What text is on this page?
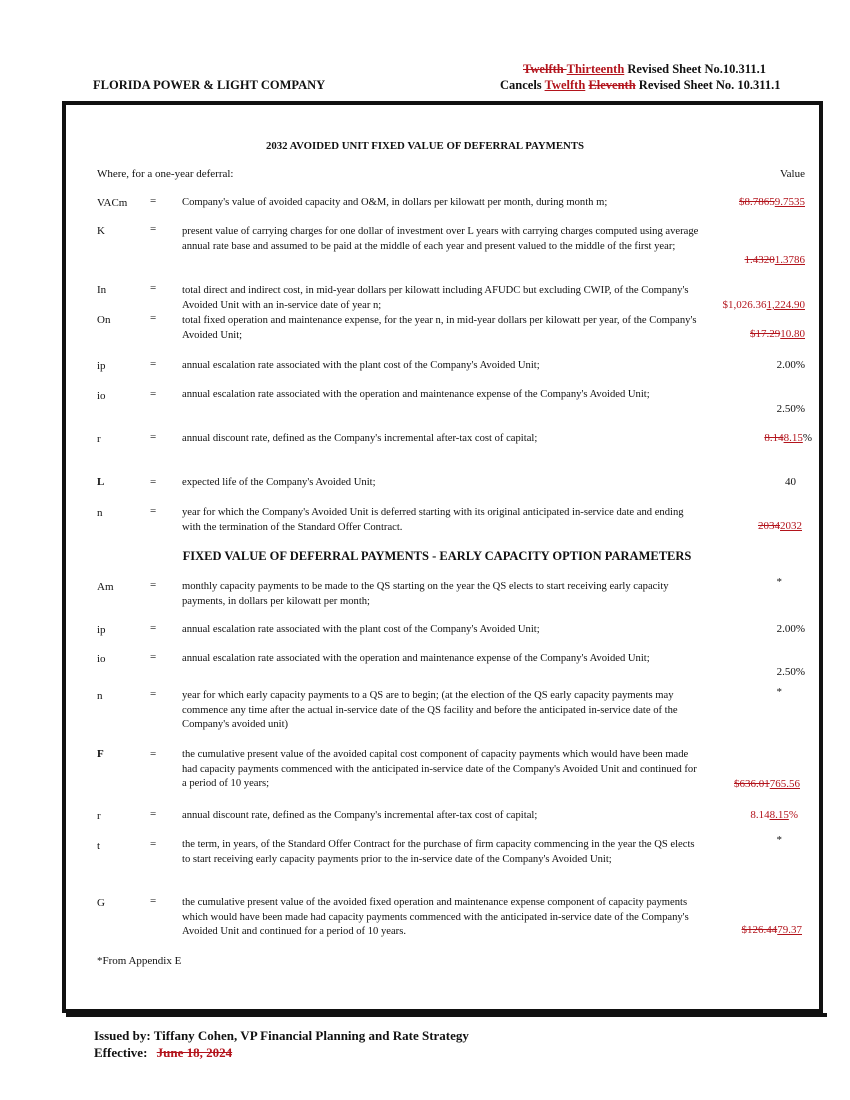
Twelfth Thirteenth Revised Sheet No.10.311.1
FLORIDA POWER & LIGHT COMPANY	Cancels Twelfth Eleventh Revised Sheet No. 10.311.1
2032 AVOIDED UNIT FIXED VALUE OF DEFERRAL PAYMENTS
Where, for a one-year deferral:	Value
VACm = Company's value of avoided capacity and O&M, in dollars per kilowatt per month, during month m;	$8.78659.7535
K	= present value of carrying charges for one dollar of investment over L years with carrying charges computed using average annual rate base and assumed to be paid at the middle of each year and present valued to the middle of the first year;
1.43201.3786
In	= total direct and indirect cost, in mid-year dollars per kilowatt including AFUDC but excluding CWIP, of the Company's Avoided Unit with an in-service date of year n;	$1,026.361,224.90
On	= total fixed operation and maintenance expense, for the year n, in mid-year dollars per kilowatt per year, of the Company's Avoided Unit;	$17.2910.80
ip	= annual escalation rate associated with the plant cost of the Company's Avoided Unit;	2.00%
io	= annual escalation rate associated with the operation and maintenance expense of the Company's Avoided Unit;
2.50%
r	= annual discount rate, defined as the Company's incremental after-tax cost of capital;	8.148.15%
L	= expected life of the Company's Avoided Unit;	40
n	= year for which the Company's Avoided Unit is deferred starting with its original anticipated in-service date and ending with the termination of the Standard Offer Contract.	20342032
FIXED VALUE OF DEFERRAL PAYMENTS - EARLY CAPACITY OPTION PARAMETERS
Am	= monthly capacity payments to be made to the QS starting on the year the QS elects to start receiving early capacity payments, in dollars per kilowatt per month;
*
ip	= annual escalation rate associated with the plant cost of the Company's Avoided Unit;	2.00%
io	= annual escalation rate associated with the operation and maintenance expense of the Company's Avoided Unit;
2.50%
n	= year for which early capacity payments to a QS are to begin; (at the election of the QS early capacity payments may commence any time after the actual in-service date of the QS facility and before the anticipated in-service date of the Company's avoided unit)
*
F	= the cumulative present value of the avoided capital cost component of capacity payments which would have been made had capacity payments commenced with the anticipated in-service date of the Company's Avoided Unit and continued for a period of 10 years;	$636.01765.56
r	= annual discount rate, defined as the Company's incremental after-tax cost of capital;	8.148.15%
t	= the term, in years, of the Standard Offer Contract for the purchase of firm capacity commencing in the year the QS elects to start receiving early capacity payments prior to the in-service date of the Company's Avoided Unit;
*
G	= the cumulative present value of the avoided fixed operation and maintenance expense component of capacity payments which would have been made had capacity payments commenced with the anticipated in-service date of the Company's Avoided Unit and continued for a period of 10 years.	$126.4479.37
*From Appendix E
Issued by: Tiffany Cohen, VP Financial Planning and Rate Strategy
Effective: June 18, 2024
